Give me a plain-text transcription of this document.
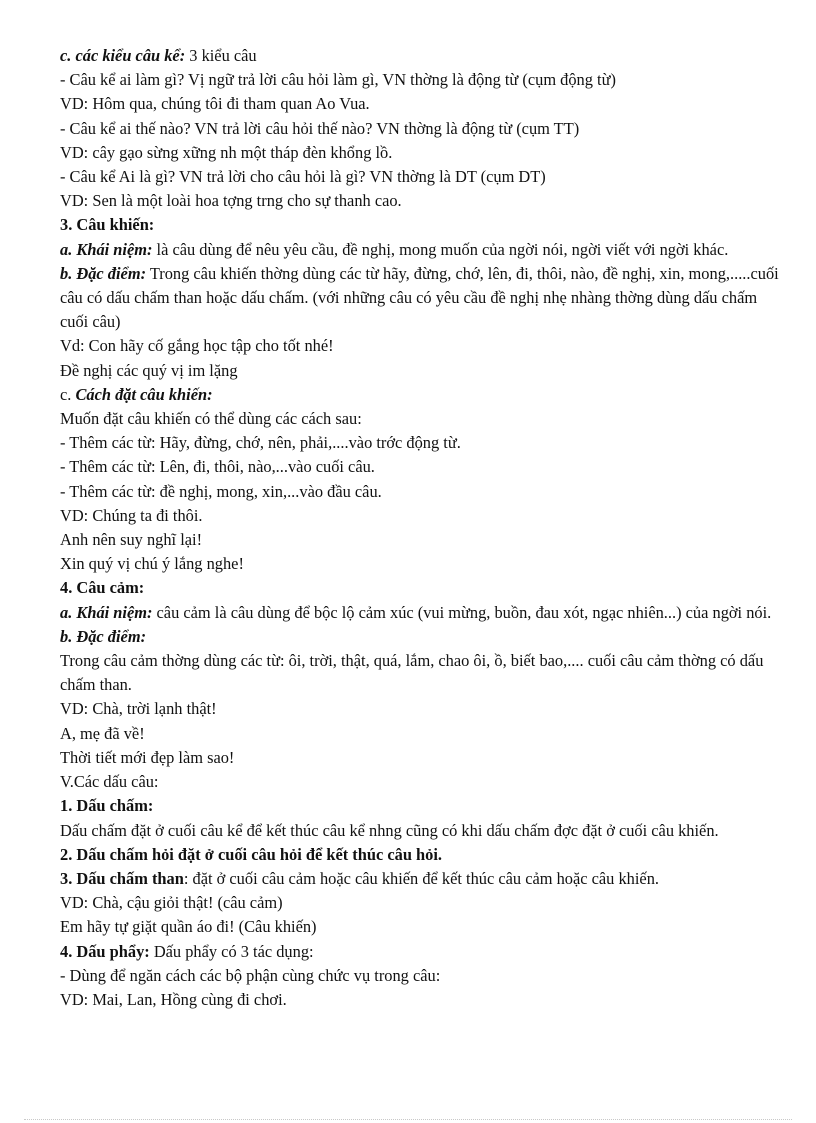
c. các kiểu câu kể: 3 kiểu câu
- Câu kể ai làm gì? Vị ngữ trả lời câu hỏi làm gì, VN thờng là động từ (cụm động từ)
VD: Hôm qua, chúng tôi đi tham quan Ao Vua.
- Câu kể ai thế nào? VN trả lời câu hỏi thế nào? VN thờng là động từ (cụm TT)
VD: cây gạo sừng xững nh một tháp đèn khổng lồ.
- Câu kể Ai là gì? VN trả lời cho câu hỏi là gì? VN thờng là DT (cụm DT)
VD: Sen là một loài hoa tợng trng cho sự thanh cao.
3. Câu khiến:
a. Khái niệm: là câu dùng để nêu yêu cầu, đề nghị, mong muốn của ngời nói, ngời viết với ngời khác.
b. Đặc điểm: Trong câu khiến thờng dùng các từ hãy, đừng, chớ, lên, đi, thôi, nào, đề nghị, xin, mong,.....cuối câu có dấu chấm than hoặc dấu chấm. (với những câu có yêu cầu đề nghị nhẹ nhàng thờng dùng dấu chấm cuối câu)
Vd: Con hãy cố gắng học tập cho tốt nhé!
Đề nghị các quý vị im lặng
c. Cách đặt câu khiến:
Muốn đặt câu khiến có thể dùng các cách sau:
- Thêm các từ: Hãy, đừng, chớ, nên, phải,....vào trớc động từ.
- Thêm các từ: Lên, đi, thôi, nào,...vào cuối câu.
- Thêm các từ: đề nghị, mong, xin,...vào đầu câu.
VD: Chúng ta đi thôi.
Anh nên suy nghĩ lại!
Xin quý vị chú ý lắng nghe!
4. Câu cảm:
a. Khái niệm: câu cảm là câu dùng để bộc lộ cảm xúc (vui mừng, buồn, đau xót, ngạc nhiên...) của ngời nói.
b. Đặc điểm:
Trong câu cảm thờng dùng các từ: ôi, trời, thật, quá, lắm, chao ôi, ồ, biết bao,.... cuối câu cảm thờng có dấu chấm than.
VD: Chà, trời lạnh thật!
A, mẹ đã về!
Thời tiết mới đẹp làm sao!
V.Các dấu câu:
1. Dấu chấm:
Dấu chấm đặt ở cuối câu kể để kết thúc câu kể nhng cũng có khi dấu chấm đợc đặt ở cuối câu khiến.
2. Dấu chấm hỏi đặt ở cuối câu hỏi để kết thúc câu hỏi.
3. Dấu chấm than: đặt ở cuối câu cảm hoặc câu khiến để kết thúc câu cảm hoặc câu khiến.
VD: Chà, cậu giỏi thật! (câu cảm)
Em hãy tự giặt quần áo đi! (Câu khiến)
4. Dấu phẩy: Dấu phẩy có 3 tác dụng:
- Dùng để ngăn cách các bộ phận cùng chức vụ trong câu:
VD: Mai, Lan, Hồng cùng đi chơi.
